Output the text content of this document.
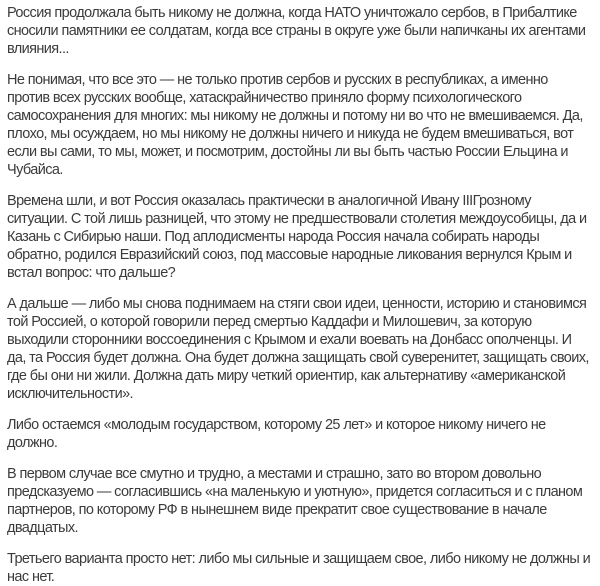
Россия продолжала быть никому не должна, когда НАТО уничтожало сербов, в Прибалтике сносили памятники ее солдатам, когда все страны в округе уже были напичканы их агентами влияния...

Не понимая, что все это — не только против сербов и русских в республиках, а именно против всех русских вообще, хатаскрайничество приняло форму психологического самосохранения для многих: мы никому не должны и потому ни во что не вмешиваемся. Да, плохо, мы осуждаем, но мы никому не должны ничего и никуда не будем вмешиваться, вот если вы сами, то мы, может, и посмотрим, достойны ли вы быть частью России Ельцина и Чубайса.

Времена шли, и вот Россия оказалась практически в аналогичной Ивану IIIГрозному ситуации. С той лишь разницей, что этому не предшествовали столетия междоусобицы, да и Казань с Сибирью наши. Под аплодисменты народа Россия начала собирать народы обратно, родился Евразийский союз, под массовые народные ликования вернулся Крым и встал вопрос: что дальше?

А дальше — либо мы снова поднимаем на стяги свои идеи, ценности, историю и становимся той Россией, о которой говорили перед смертью Каддафи и Милошевич, за которую выходили сторонники воссоединения с Крымом и ехали воевать на Донбасс ополченцы. И да, та Россия будет должна. Она будет должна защищать свой суверенитет, защищать своих, где бы они ни жили. Должна дать миру четкий ориентир, как альтернативу «американской исключительности».

Либо остаемся «молодым государством, которому 25 лет» и которое никому ничего не должно.

В первом случае все смутно и трудно, а местами и страшно, зато во втором довольно предсказуемо — согласившись «на маленькую и уютную», придется согласиться и с планом партнеров, по которому РФ в нынешнем виде прекратит свое существование в начале двадцатых.

Третьего варианта просто нет: либо мы сильные и защищаем свое, либо никому не должны и нас нет.
